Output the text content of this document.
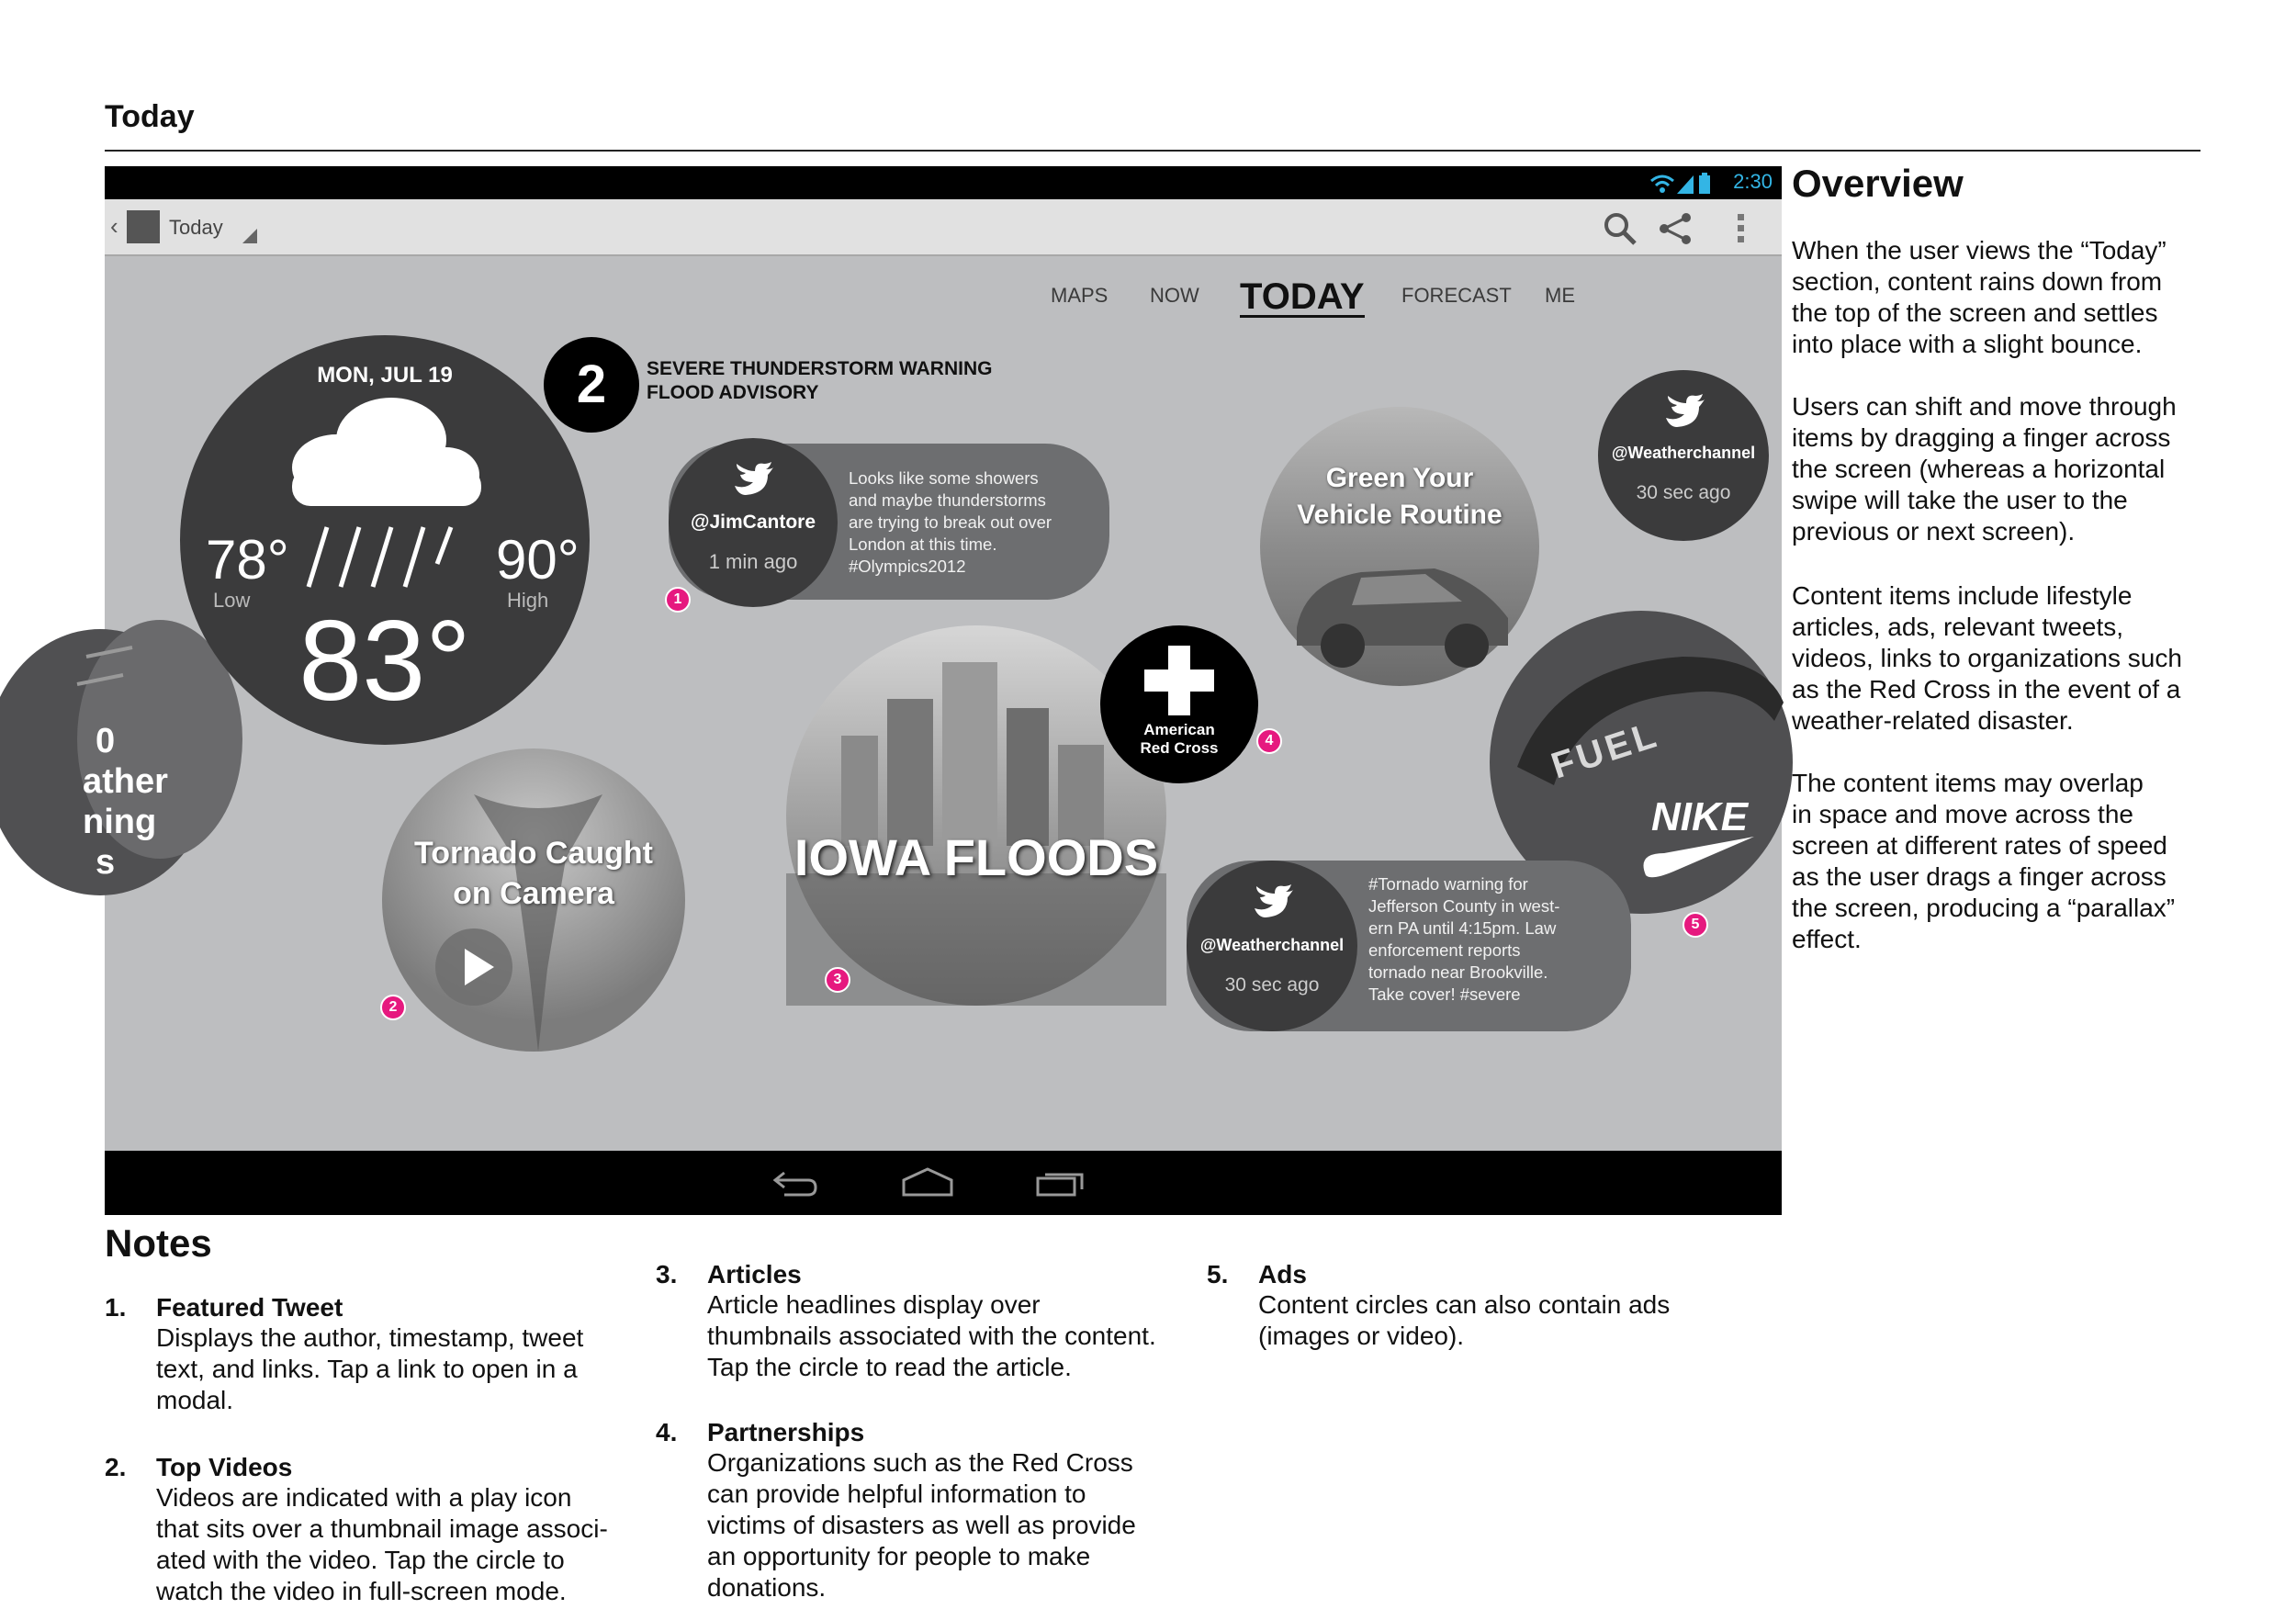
Today
2:30
‹	Today
MAPS NOW TODAY FORECAST ME
0
ather
ning
s
MON, JUL 19
78°
Low
90°
High
83°
2	SEVERE THUNDERSTORM WARNING
FLOOD ADVISORY
Looks like some showers
and maybe thunderstorms
are trying to break out over
London at this time.
#Olympics2012
@JimCantore
1 min ago
1
Tornado Caught
on Camera
2
IOWA FLOODS
3
American
Red Cross	4
Green Your
Vehicle Routine
@Weatherchannel
30 sec ago
FUEL
NIKE
5
#Tornado warning for
Jefferson County in west-
ern PA until 4:15pm. Law
enforcement reports
tornado near Brookville.
Take cover! #severe
@Weatherchannel
30 sec ago
Overview
When the user views the “Today”
section, content rains down from
the top of the screen and settles
into place with a slight bounce.
Users can shift and move through
items by dragging a finger across
the screen (whereas a horizontal
swipe will take the user to the
previous or next screen).
Content items include lifestyle
articles, ads, relevant tweets,
videos, links to organizations such
as the Red Cross in the event of a
weather-related disaster.
The content items may overlap
in space and move across the
screen at different rates of speed
as the user drags a finger across
the screen, producing a “parallax”
effect.
Notes
1. Featured Tweet
Displays the author, timestamp, tweet
text, and links. Tap a link to open in a
modal.
2. Top Videos
Videos are indicated with a play icon
that sits over a thumbnail image associ-
ated with the video. Tap the circle to
watch the video in full-screen mode.
3. Articles
Article headlines display over
thumbnails associated with the content.
Tap the circle to read the article.
4. Partnerships
Organizations such as the Red Cross
can provide helpful information to
victims of disasters as well as provide
an opportunity for people to make
donations.
5. Ads
Content circles can also contain ads
(images or video).
